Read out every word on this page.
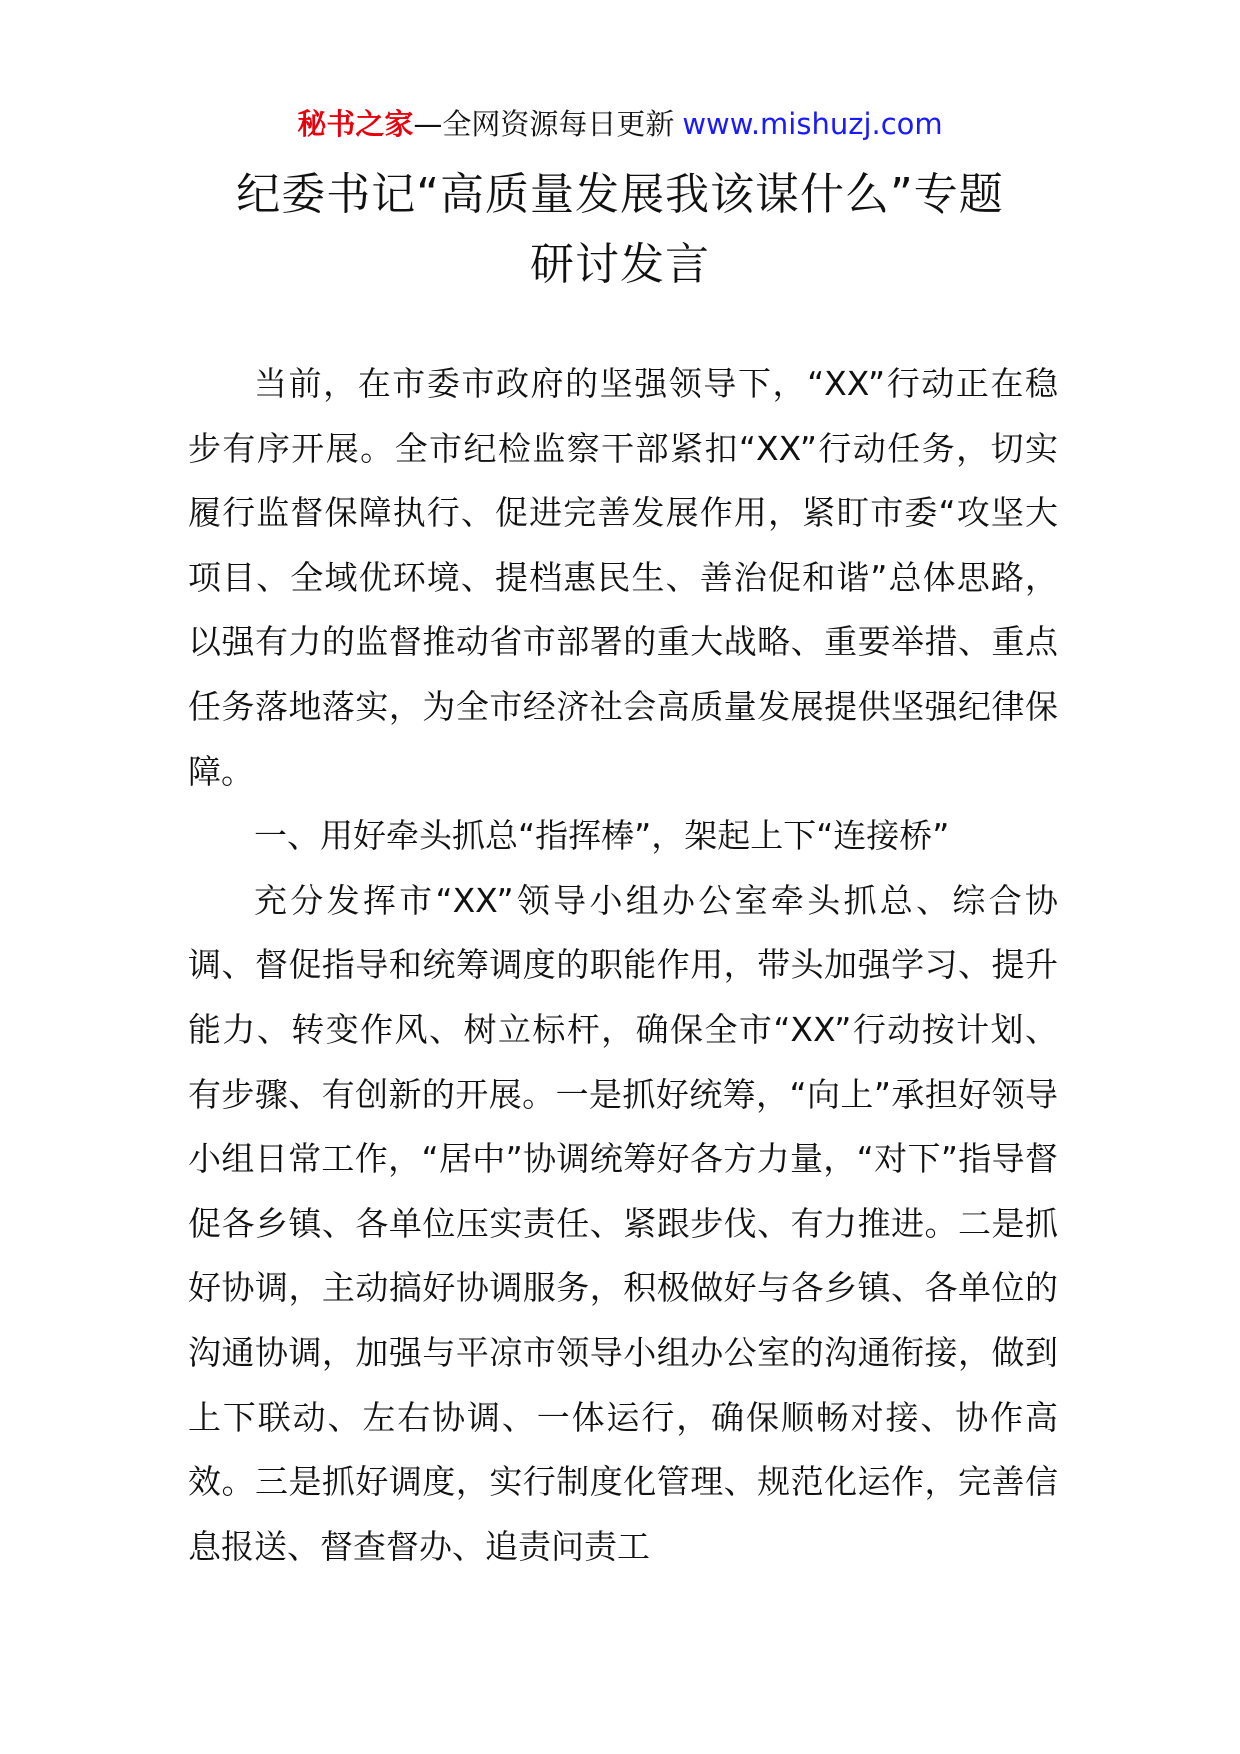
秘书之家—全网资源每日更新 www.mishuzj.com
纪委书记“高质量发展我该谋什么”专题
研讨发言

当前，在市委市政府的坚强领导下，“XX”行动正在稳步有序开展。全市纪检监察干部紧扣“XX”行动任务，切实履行监督保障执行、促进完善发展作用，紧盯市委“攻坚大项目、全域优环境、提档惠民生、善治促和谐”总体思路，以强有力的监督推动省市部署的重大战略、重要举措、重点任务落地落实，为全市经济社会高质量发展提供坚强纪律保障。

一、用好牵头抓总“指挥棒”，架起上下“连接桥”

充分发挥市“XX”领导小组办公室牵头抓总、综合协调、督促指导和统筹调度的职能作用，带头加强学习、提升能力、转变作风、树立标杆，确保全市“XX”行动按计划、有步骤、有创新的开展。一是抓好统筹，“向上”承担好领导小组日常工作，“居中”协调统筹好各方力量，“对下”指导督促各乡镇、各单位压实责任、紧跟步伐、有力推进。二是抓好协调，主动搞好协调服务，积极做好与各乡镇、各单位的沟通协调，加强与平凉市领导小组办公室的沟通衔接，做到上下联动、左右协调、一体运行，确保顺畅对接、协作高效。三是抓好调度，实行制度化管理、规范化运作，完善信息报送、督查督办、追责问责工
